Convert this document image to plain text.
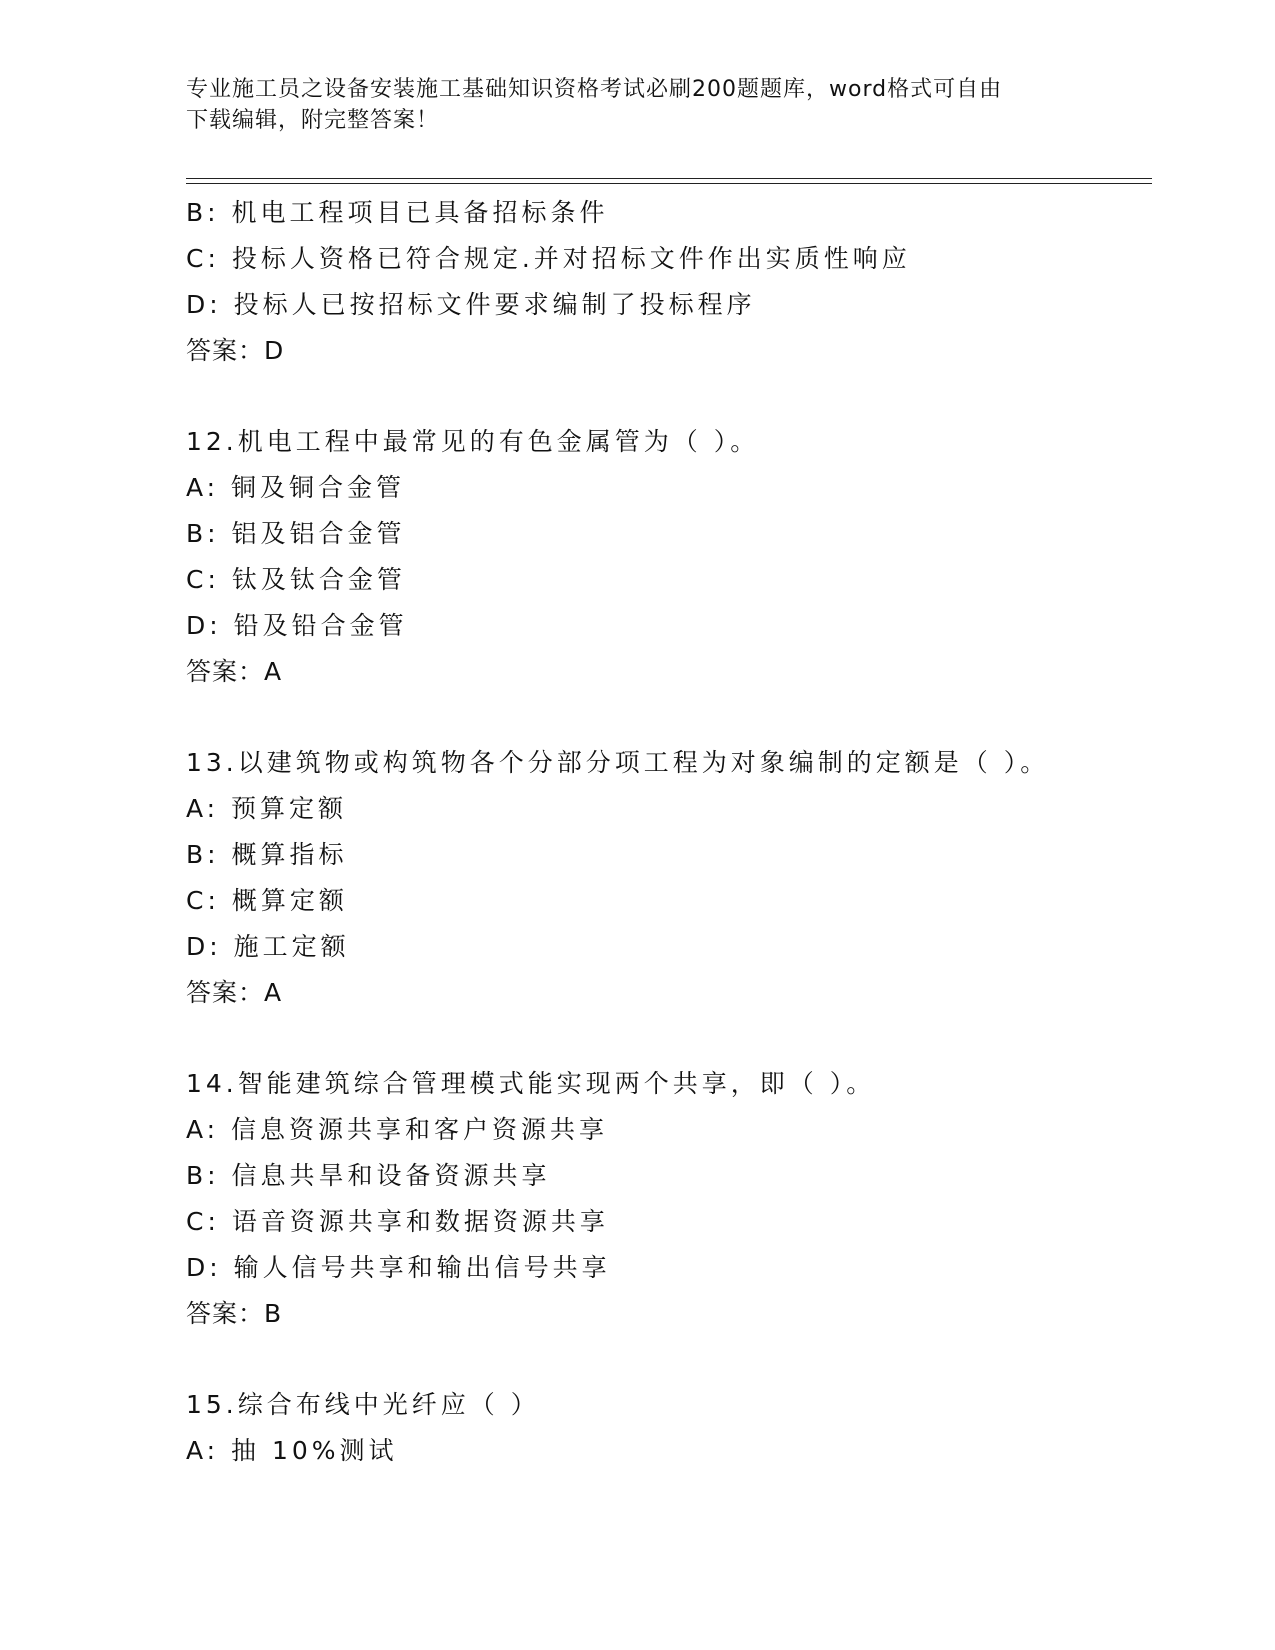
专业施工员之设备安装施工基础知识资格考试必刷200题题库，word格式可自由
下载编辑，附完整答案！
B: 机电工程项目已具备招标条件
C: 投标人资格已符合规定.并对招标文件作出实质性响应
D: 投标人已按招标文件要求编制了投标程序
答案：D
12.机电工程中最常见的有色金属管为（ ）。
A: 铜及铜合金管
B: 铝及铝合金管
C: 钛及钛合金管
D: 铅及铅合金管
答案：A
13.以建筑物或构筑物各个分部分项工程为对象编制的定额是（ ）。
A: 预算定额
B: 概算指标
C: 概算定额
D: 施工定额
答案：A
14.智能建筑综合管理模式能实现两个共享，即（ ）。
A: 信息资源共享和客户资源共享
B: 信息共旱和设备资源共享
C: 语音资源共享和数据资源共享
D: 输人信号共享和输出信号共享
答案：B
15.综合布线中光纤应（ ）
A: 抽 10%测试
